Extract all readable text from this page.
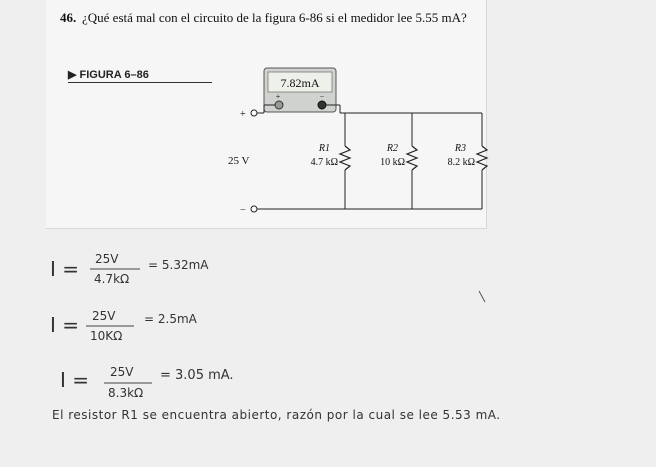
46. ¿Qué está mal con el circuito de la figura 6-86 si el medidor lee 5.55 mA?
▶ FIGURA 6–86
7.82mA
+	−
+
25 V
−
R1
4.7 kΩ
R2
10 kΩ
R3
8.2 kΩ
I = 25V
4.7kΩ
= 5.32mA
I = 25V
10KΩ
= 2.5mA
I = 25V
8.3kΩ
= 3.05 mA.
El resistor R1 se encuentra abierto, razón por la cual se lee 5.53 mA.
